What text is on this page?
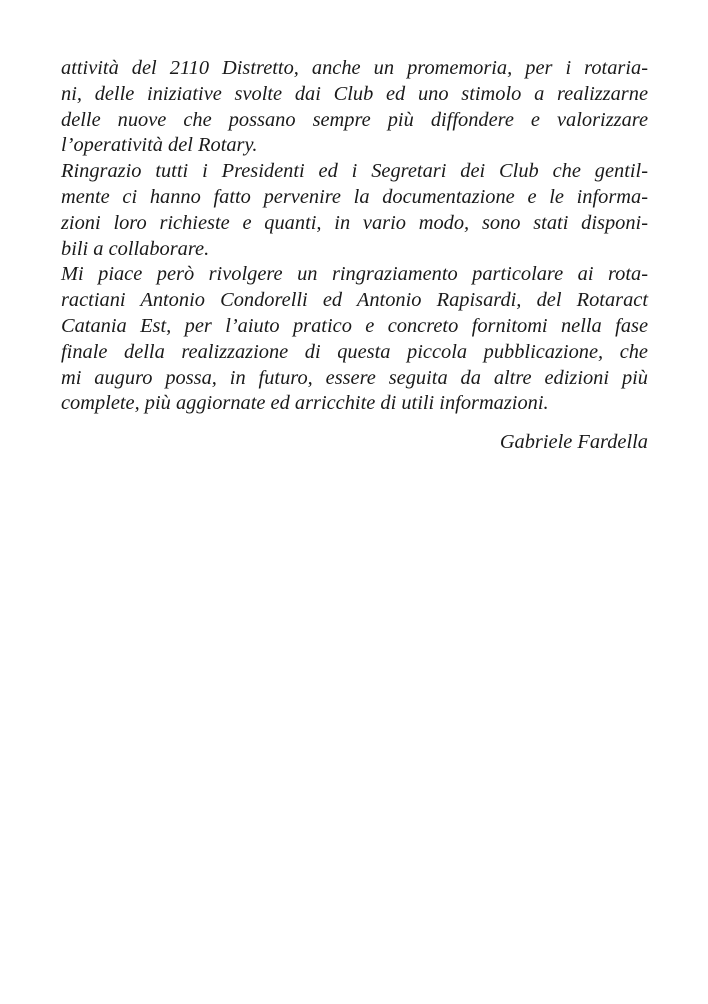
attività del 2110 Distretto, anche un promemoria, per i rotaria-
ni, delle iniziative svolte dai Club ed uno stimolo a realizzarne
delle nuove che possano sempre più diffondere e valorizzare
l’operatività del Rotary.
Ringrazio tutti i Presidenti ed i Segretari dei Club che gentil-
mente ci hanno fatto pervenire la documentazione e le informa-
zioni loro richieste e quanti, in vario modo, sono stati disponi-
bili a collaborare.
Mi piace però rivolgere un ringraziamento particolare ai rota-
ractiani Antonio Condorelli ed Antonio Rapisardi, del Rotaract
Catania Est, per l’aiuto pratico e concreto fornitomi nella fase
finale della realizzazione di questa piccola pubblicazione, che
mi auguro possa, in futuro, essere seguita da altre edizioni più
complete, più aggiornate ed arricchite di utili informazioni.
Gabriele Fardella
